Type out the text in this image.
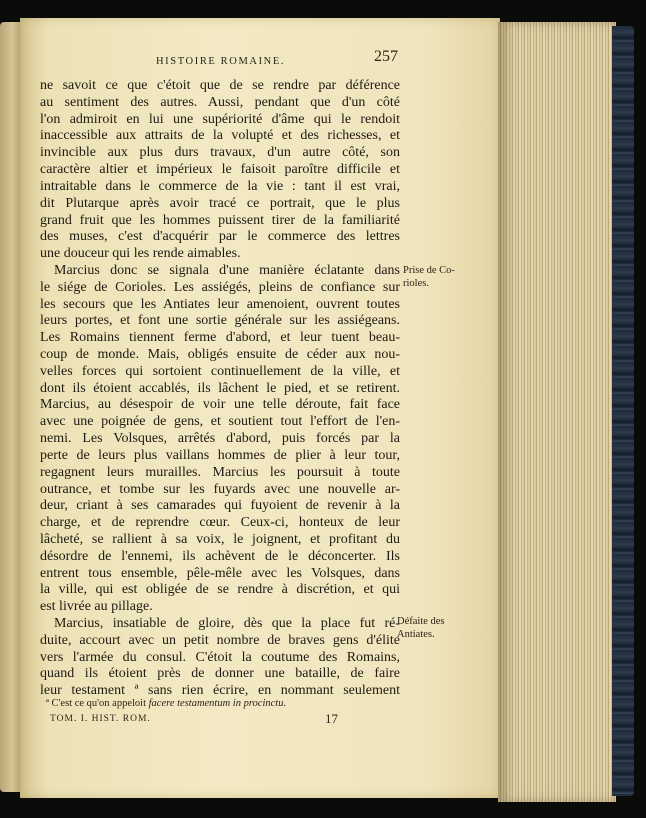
HISTOIRE ROMAINE.	257
ne savoit ce que c'étoit que de se rendre par déférence
au sentiment des autres. Aussi, pendant que d'un côté
l'on admiroit en lui une supériorité d'âme qui le rendoit
inaccessible aux attraits de la volupté et des richesses, et
invincible aux plus durs travaux, d'un autre côté, son
caractère altier et impérieux le faisoit paroître difficile et
intraitable dans le commerce de la vie : tant il est vrai,
dit Plutarque après avoir tracé ce portrait, que le plus
grand fruit que les hommes puissent tirer de la familiarité
des muses, c'est d'acquérir par le commerce des lettres
une douceur qui les rende aimables.
Marcius donc se signala d'une manière éclatante dans
le siége de Corioles. Les assiégés, pleins de confiance sur
les secours que les Antiates leur amenoient, ouvrent toutes
leurs portes, et font une sortie générale sur les assiégeans.
Les Romains tiennent ferme d'abord, et leur tuent beau-
coup de monde. Mais, obligés ensuite de céder aux nou-
velles forces qui sortoient continuellement de la ville, et
dont ils étoient accablés, ils lâchent le pied, et se retirent.
Marcius, au désespoir de voir une telle déroute, fait face
avec une poignée de gens, et soutient tout l'effort de l'en-
nemi. Les Volsques, arrêtés d'abord, puis forcés par la
perte de leurs plus vaillans hommes de plier à leur tour,
regagnent leurs murailles. Marcius les poursuit à toute
outrance, et tombe sur les fuyards avec une nouvelle ar-
deur, criant à ses camarades qui fuyoient de revenir à la
charge, et de reprendre cœur. Ceux-ci, honteux de leur
lâcheté, se rallient à sa voix, le joignent, et profitant du
désordre de l'ennemi, ils achèvent de le déconcerter. Ils
entrent tous ensemble, pêle-mêle avec les Volsques, dans
la ville, qui est obligée de se rendre à discrétion, et qui
est livrée au pillage.
Marcius, insatiable de gloire, dès que la place fut ré-
duite, accourt avec un petit nombre de braves gens d'élite
vers l'armée du consul. C'étoit la coutume des Romains,
quand ils étoient près de donner une bataille, de faire
leur testament ª sans rien écrire, en nommant seulement
Prise de Co-
rioles.
Défaite des
Antiates.
ª C'est ce qu'on appeloit facere testamentum in procinctu.
TOM. I. HIST. ROM.	17
